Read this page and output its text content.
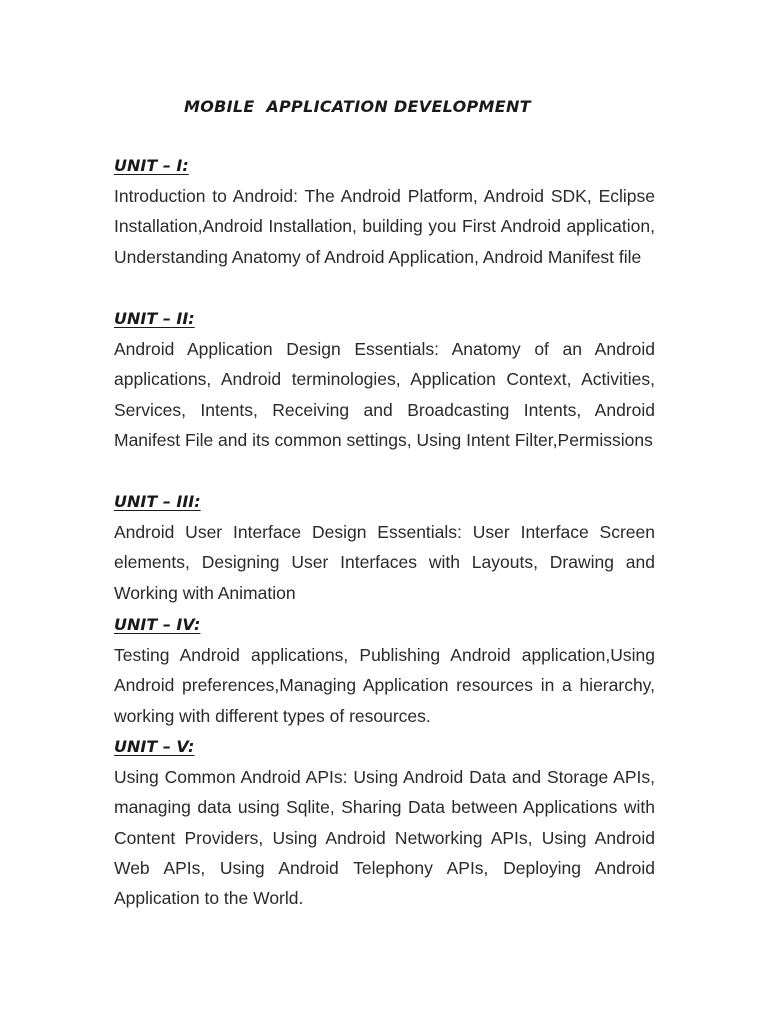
MOBILE  APPLICATION DEVELOPMENT
UNIT – I:

Introduction to Android: The Android Platform, Android SDK, Eclipse Installation,Android Installation, building you First Android application, Understanding Anatomy of Android Application, Android Manifest file

UNIT – II:

Android Application Design Essentials: Anatomy of an Android applications, Android terminologies, Application Context, Activities, Services, Intents, Receiving and Broadcasting Intents, Android Manifest File and its common settings, Using Intent Filter,Permissions

UNIT – III:

Android User Interface Design Essentials: User Interface Screen elements, Designing User Interfaces with Layouts, Drawing and Working with Animation

UNIT – IV:

Testing Android applications, Publishing Android application,Using Android preferences,Managing Application resources in a hierarchy, working with different types of resources.

UNIT – V:

Using Common Android APIs: Using Android Data and Storage APIs, managing data using Sqlite, Sharing Data between Applications with Content Providers, Using Android Networking APIs, Using Android Web APIs, Using Android Telephony APIs, Deploying Android Application to the World.
